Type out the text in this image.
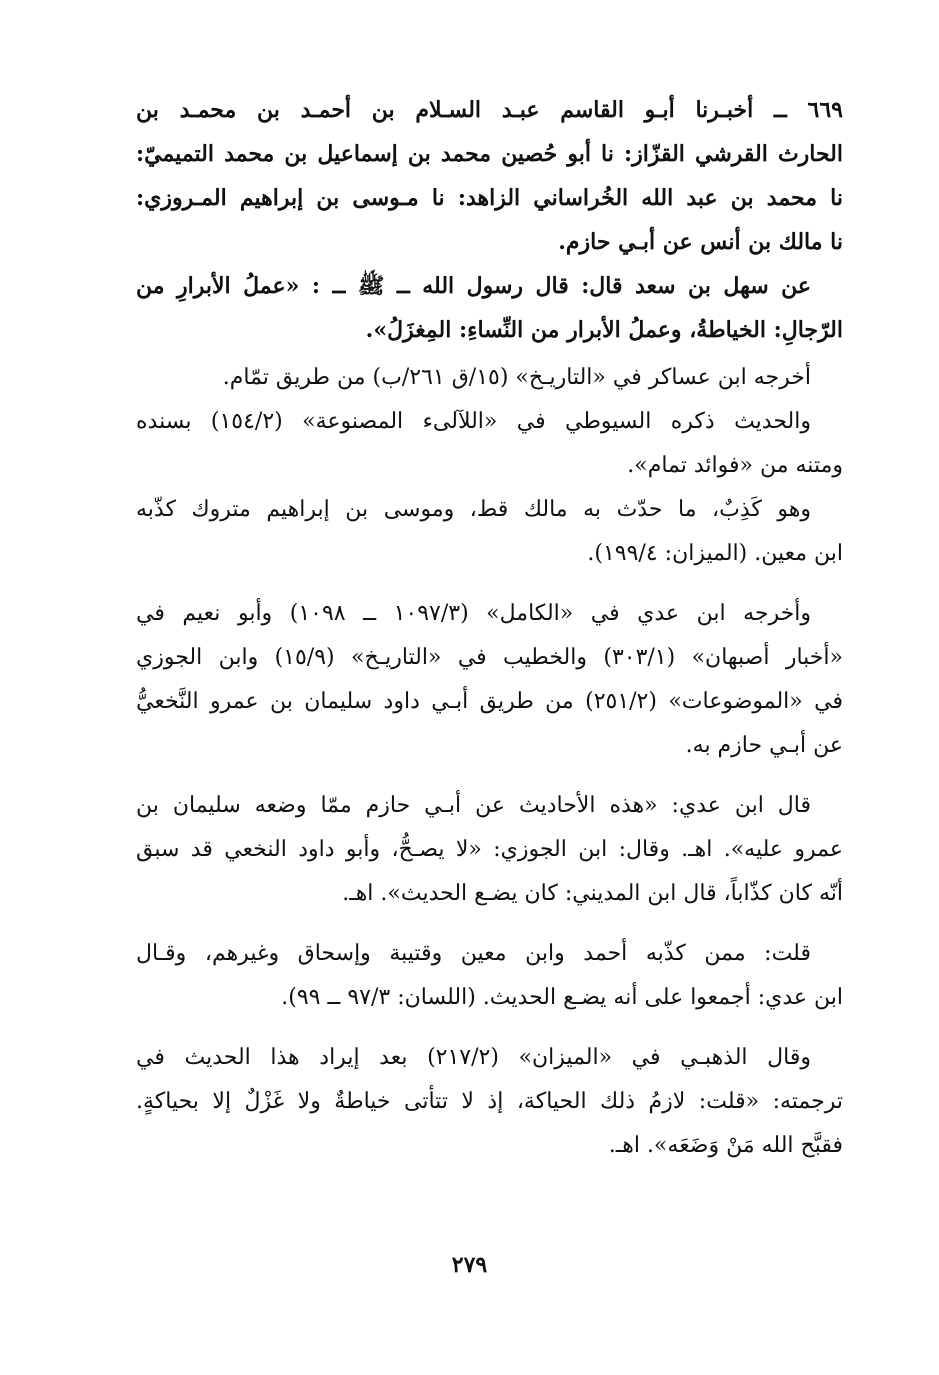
٦٦٩ ــ أخبـرنا أبـو القاسم عبـد السـلام بن أحمـد بن محمـد بن
الحارث القرشي القزّاز: نا أبو حُصين محمد بن إسماعيل بن محمد التميميّ:
نا محمد بن عبد الله الخُراساني الزاهد: نا مـوسى بن إبراهيم المـروزي:
نا مالك بن أنس عن أبـي حازم.
عن سهل بن سعد قال: قال رسول الله ــ ﷺ ــ : «عملُ الأبرارِ من
الرّجالِ: الخياطةُ، وعملُ الأبرار من النِّساءِ: المِغزَلُ».
أخرجه ابن عساكر في «التاريـخ» (١٥/ق ٢٦١/ب) من طريق تمّام.
والحديث ذكره السيوطي في «اللآلىء المصنوعة» (١٥٤/٢) بسنده
ومتنه من «فوائد تمام».
وهو كَذِبٌ، ما حدّث به مالك قط، وموسى بن إبراهيم متروك كذّبه
ابن معين. (الميزان: ١٩٩/٤).
وأخرجه ابن عدي في «الكامل» (١٠٩٧/٣ ــ ١٠٩٨) وأبو نعيم في
«أخبار أصبهان» (٣٠٣/١) والخطيب في «التاريـخ» (١٥/٩) وابن الجوزي
في «الموضوعات» (٢٥١/٢) من طريق أبـي داود سليمان بن عمرو النَّخعيُّ
عن أبـي حازم به.
قال ابن عدي: «هذه الأحاديث عن أبـي حازم ممّا وضعه سليمان بن
عمرو عليه». اهـ. وقال: ابن الجوزي: «لا يصـحُّ، وأبو داود النخعي قد سبق
أنّه كان كذّاباً، قال ابن المديني: كان يضـع الحديث». اهـ.
قلت: ممن كذّبه أحمد وابن معين وقتيبة وإسحاق وغيرهم، وقـال
ابن عدي: أجمعوا على أنه يضـع الحديث. (اللسان: ٩٧/٣ ــ ٩٩).
وقال الذهبـي في «الميزان» (٢١٧/٢) بعد إيراد هذا الحديث في
ترجمته: «قلت: لازمُ ذلك الحياكة، إذ لا تتأتى خياطةٌ ولا غَزْلٌ إلا بحياكةٍ.
فقبَّح الله مَنْ وَضَعَه». اهـ.
٢٧٩
